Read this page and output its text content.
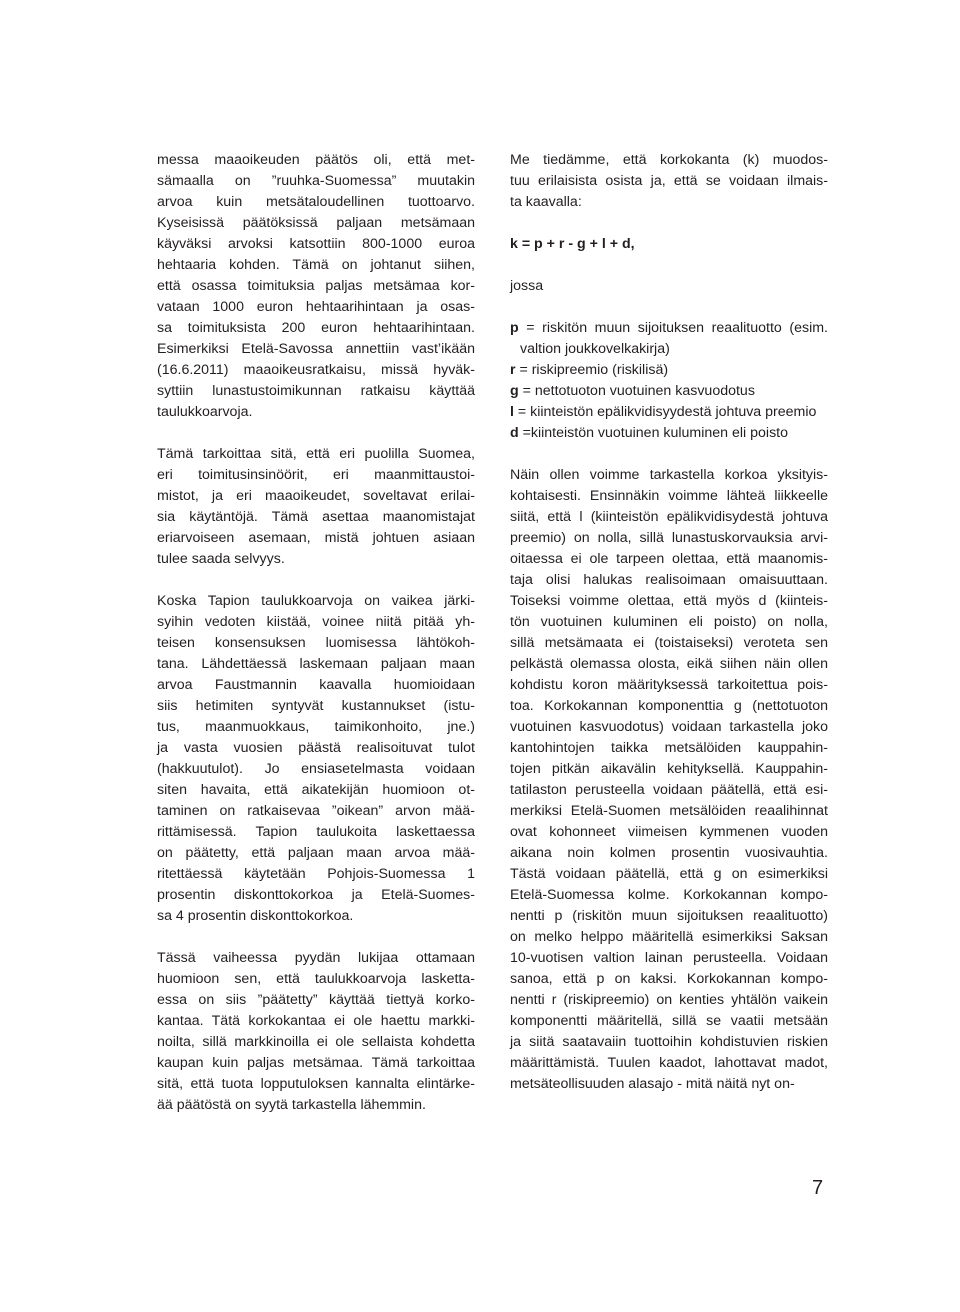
messa maaoikeuden päätös oli, että met-
sämaalla on ”ruuhka-Suomessa” muutakin
arvoa kuin metsätaloudellinen tuottoarvo.
Kyseisissä päätöksissä paljaan metsämaan
käyväksi arvoksi katsottiin 800-1000 euroa
hehtaaria kohden. Tämä on johtanut siihen,
että osassa toimituksia paljas metsämaa kor-
vataan 1000 euron hehtaarihintaan ja osas-
sa toimituksista 200 euron hehtaarihintaan.
Esimerkiksi Etelä-Savossa annettiin vast’ikään
(16.6.2011) maaoikeusratkaisu, missä hyväk-
syttiin lunastustoimikunnan ratkaisu käyttää
taulukkoarvoja.

Tämä tarkoittaa sitä, että eri puolilla Suomea,
eri toimitusinsinöörit, eri maanmittaustoi-
mistot, ja eri maaoikeudet, soveltavat erilai-
sia käytäntöjä. Tämä asettaa maanomistajat
eriarvoiseen asemaan, mistä johtuen asiaan
tulee saada selvyys.

Koska Tapion taulukkoarvoja on vaikea järki-
syihin vedoten kiistää, voinee niitä pitää yh-
teisen konsensuksen luomisessa lähtökoh-
tana. Lähdettäessä laskemaan paljaan maan
arvoa Faustmannin kaavalla huomioidaan
siis hetimiten syntyvät kustannukset (istu-
tus, maanmuokkaus, taimikonhoito, jne.)
ja vasta vuosien päästä realisoituvat tulot
(hakkuutulot). Jo ensiasetelmasta voidaan
siten havaita, että aikatekijän huomioon ot-
taminen on ratkaisevaa ”oikean” arvon mää-
rittämisessä. Tapion taulukoita laskettaessa
on päätetty, että paljaan maan arvoa mää-
ritettäessä käytetään Pohjois-Suomessa 1
prosentin diskonttokorkoa ja Etelä-Suomes-
sa 4 prosentin diskonttokorkoa.

Tässä vaiheessa pyydän lukijaa ottamaan
huomioon sen, että taulukkoarvoja laskettа-
essa on siis ”päätetty” käyttää tiettyä korko-
kantaa. Tätä korkokantaa ei ole haettu markki-
noilta, sillä markkinoilla ei ole sellaista kohdetta
kaupan kuin paljas metsämaa. Tämä tarkoittaa
sitä, että tuota lopputuloksen kannalta elintärke-
ää päätöstä on syytä tarkastella lähemmin.

Me tiedämme, että korkokanta (k) muodos-
tuu erilaisista osista ja, että se voidaan ilmais-
ta kaavalla:

k = p + r - g + l + d,

jossa

p = riskitön muun sijoituksen reaalituotto (esim. valtion joukkovelkakirja)
r = riskipreemio (riskilisä)
g = nettotuoton vuotuinen kasvuodotus
l = kiinteistön epälikvidisyydestä johtuva preemio
d =kiinteistön vuotuinen kuluminen eli poisto

Näin ollen voimme tarkastella korkoa yksityis-
kohtaisesti. Ensinnäkin voimme lähteä liikkeelle
siitä, että l (kiinteistön epälikvidisydestä johtuva
preemio) on nolla, sillä lunastuskorvauksia arvi-
oitaessa ei ole tarpeen olettaa, että maanomis-
taja olisi halukas realisoimaan omaisuuttaan.
Toiseksi voimme olettaa, että myös d (kiinteis-
tön vuotuinen kuluminen eli poisto) on nolla,
sillä metsämaata ei (toistaiseksi) veroteta sen
pelkästä olemassa olosta, eikä siihen näin ollen
kohdistu koron määrityksessä tarkoitettua pois-
toa. Korkokannan komponenttia g (nettotuoton
vuotuinen kasvuodotus) voidaan tarkastella joko
kantohintojen taikka metsälöiden kauppahin-
tojen pitkän aikavälin kehityksellä. Kauppahin-
tatilaston perusteella voidaan päätellä, että esi-
merkiksi Etelä-Suomen metsälöiden reaalihinnat
ovat kohonneet viimeisen kymmenen vuoden
aikana noin kolmen prosentin vuosivauhtia.
Tästä voidaan päätellä, että g on esimerkiksi
Etelä-Suomessa kolme. Korkokannan kompo-
nentti p (riskitön muun sijoituksen reaalituotto)
on melko helppo määritellä esimerkiksi Saksan
10-vuotisen valtion lainan perusteella. Voidaan
sanoa, että p on kaksi. Korkokannan kompo-
nentti r (riskipreemio) on kenties yhtälön vaikein
komponentti määritellä, sillä se vaatii metsään
ja siitä saatavaiin tuottoihin kohdistuvien riskien
määrittämistä. Tuulen kaadot, lahottavat madot,
metsäteollisuuden alasajo - mitä näitä nyt on-

7
